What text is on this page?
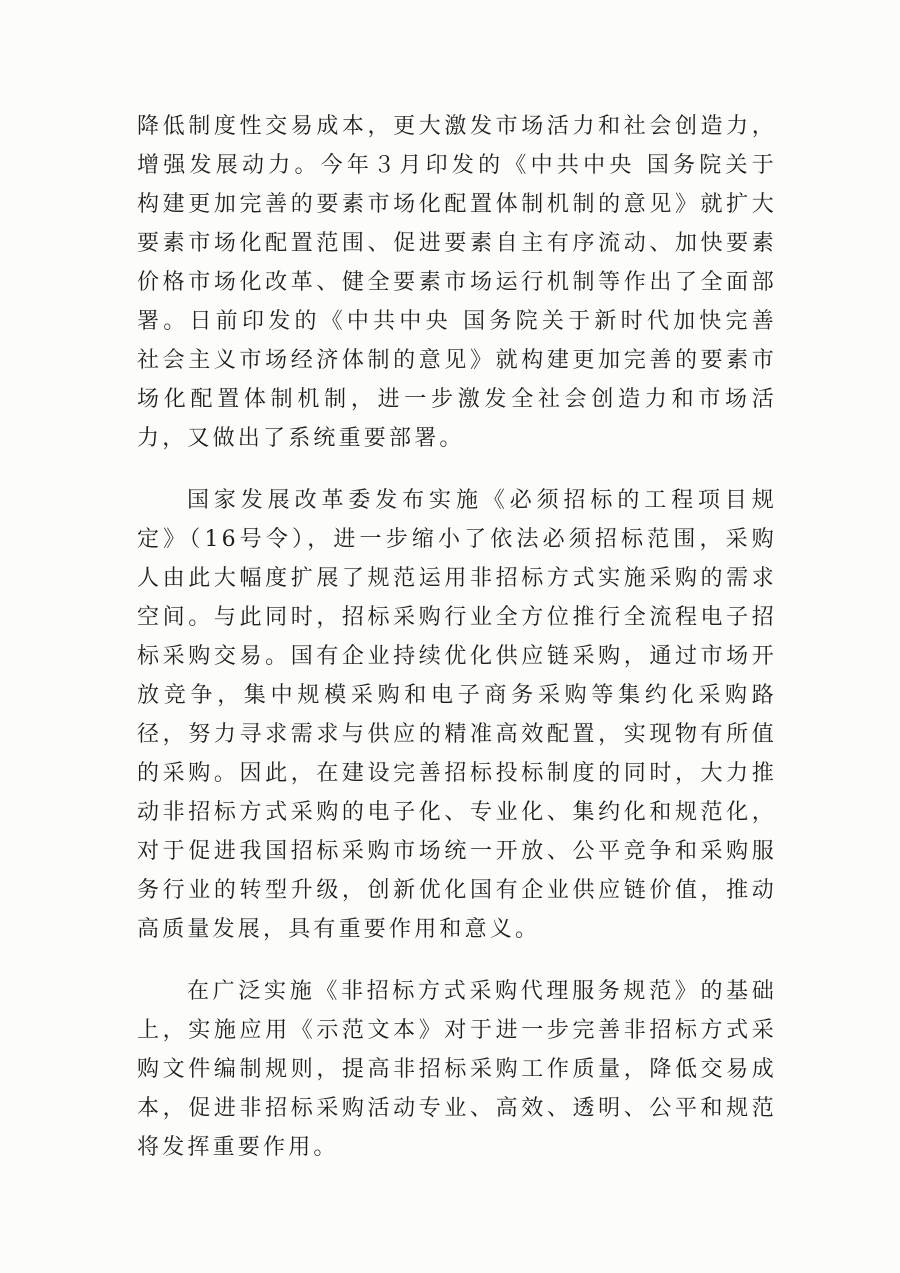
降低制度性交易成本，更大激发市场活力和社会创造力，增强发展动力。今年３月印发的《中共中央 国务院关于构建更加完善的要素市场化配置体制机制的意见》就扩大要素市场化配置范围、促进要素自主有序流动、加快要素价格市场化改革、健全要素市场运行机制等作出了全面部署。日前印发的《中共中央 国务院关于新时代加快完善社会主义市场经济体制的意见》就构建更加完善的要素市场化配置体制机制，进一步激发全社会创造力和市场活力，又做出了系统重要部署。

国家发展改革委发布实施《必须招标的工程项目规定》（16号令），进一步缩小了依法必须招标范围，采购人由此大幅度扩展了规范运用非招标方式实施采购的需求空间。与此同时，招标采购行业全方位推行全流程电子招标采购交易。国有企业持续优化供应链采购，通过市场开放竞争，集中规模采购和电子商务采购等集约化采购路径，努力寻求需求与供应的精准高效配置，实现物有所值的采购。因此，在建设完善招标投标制度的同时，大力推动非招标方式采购的电子化、专业化、集约化和规范化，对于促进我国招标采购市场统一开放、公平竞争和采购服务行业的转型升级，创新优化国有企业供应链价值，推动高质量发展，具有重要作用和意义。

在广泛实施《非招标方式采购代理服务规范》的基础上，实施应用《示范文本》对于进一步完善非招标方式采购文件编制规则，提高非招标采购工作质量，降低交易成本，促进非招标采购活动专业、高效、透明、公平和规范将发挥重要作用。
